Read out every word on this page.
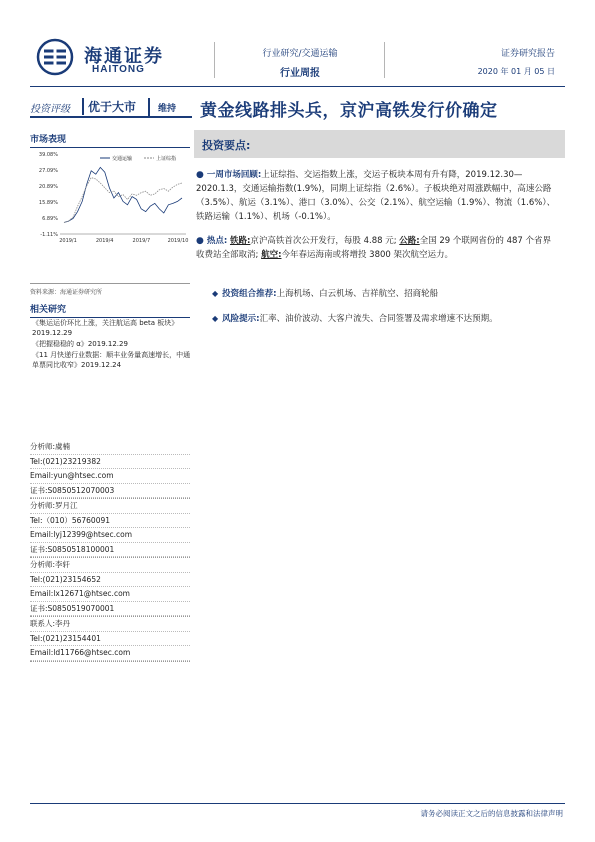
海通证券
HAITONG
行业研究/交通运输
行业周报
证券研究报告
2020 年 01 月 05 日
投资评级	优于大市 维持 黄金线路排头兵，京沪高铁发行价确定
市场表现
39.08%
27.09%
20.89%
15.89%
6.89%
-1.11%
2019/1	2019/4	2019/7	2019/10
交通运输	上证综指
资料来源：海通证券研究所
相关研究
《集运运价环比上涨，关注航运高 beta 板块》2019.12.29
《把握稳稳的 α》2019.12.29
《11 月快递行业数据：顺丰业务量高速增长，中通单票同比收窄》2019.12.24
分析师:虞楠
Tel:(021)23219382
Email:yun@htsec.com
证书:S0850512070003
分析师:罗月江
Tel:（010）56760091
Email:lyj12399@htsec.com
证书:S0850518100001
分析师:李轩
Tel:(021)23154652
Email:lx12671@htsec.com
证书:S0850519070001
联系人:李丹
Tel:(021)23154401
Email:ld11766@htsec.com
投资要点:
● 一周市场回顾:上证综指、交运指数上涨，交运子板块本周有升有降，2019.12.30—2020.1.3，交通运输指数(1.9%)，同期上证综指（2.6%）。子板块绝对周涨跌幅中，高速公路（3.5%）、航运（3.1%）、港口（3.0%）、公交（2.1%）、航空运输（1.9%）、物流（1.6%）、铁路运输（1.1%）、机场（-0.1%）。
● 热点: 铁路:京沪高铁首次公开发行，每股 4.88 元; 公路:全国 29 个联网省份的 487 个省界收费站全部取消; 航空:今年春运海南或将增投 3800 架次航空运力。
◆ 投资组合推荐:上海机场、白云机场、吉祥航空、招商轮船
◆ 风险提示:汇率、油价波动、大客户流失、合同签署及需求增速不达预期。
请务必阅读正文之后的信息披露和法律声明
